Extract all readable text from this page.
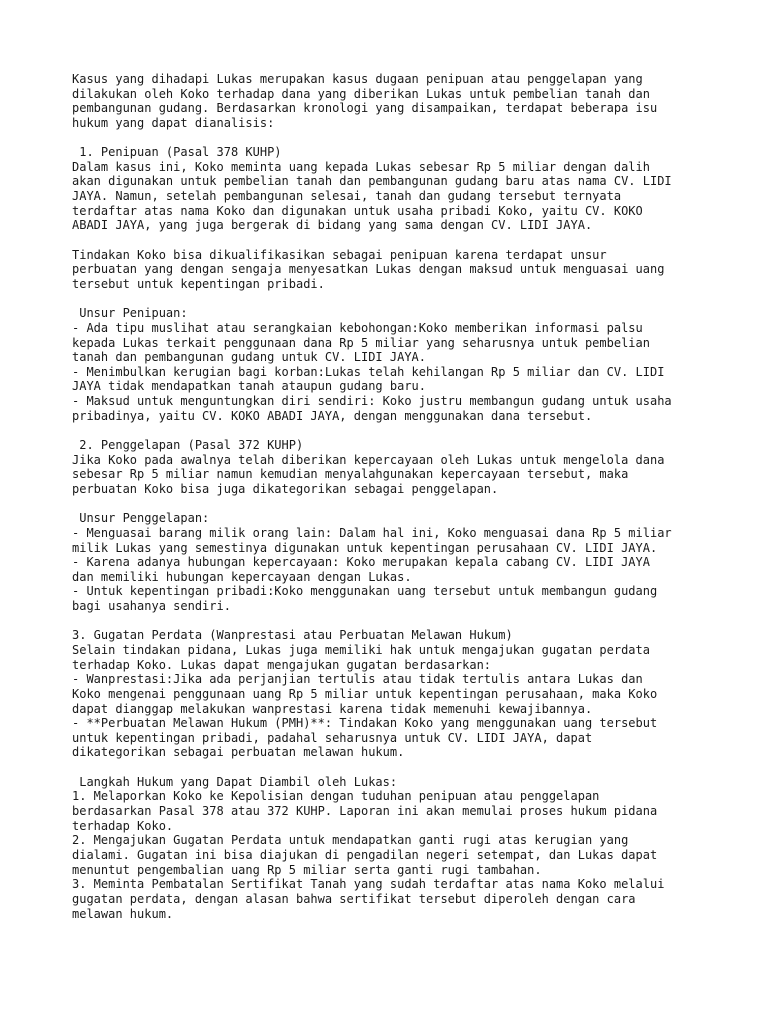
Kasus yang dihadapi Lukas merupakan kasus dugaan penipuan atau penggelapan yang
dilakukan oleh Koko terhadap dana yang diberikan Lukas untuk pembelian tanah dan
pembangunan gudang. Berdasarkan kronologi yang disampaikan, terdapat beberapa isu
hukum yang dapat dianalisis:
1. Penipuan (Pasal 378 KUHP)
Dalam kasus ini, Koko meminta uang kepada Lukas sebesar Rp 5 miliar dengan dalih
akan digunakan untuk pembelian tanah dan pembangunan gudang baru atas nama CV. LIDI
JAYA. Namun, setelah pembangunan selesai, tanah dan gudang tersebut ternyata
terdaftar atas nama Koko dan digunakan untuk usaha pribadi Koko, yaitu CV. KOKO
ABADI JAYA, yang juga bergerak di bidang yang sama dengan CV. LIDI JAYA.
Tindakan Koko bisa dikualifikasikan sebagai penipuan karena terdapat unsur
perbuatan yang dengan sengaja menyesatkan Lukas dengan maksud untuk menguasai uang
tersebut untuk kepentingan pribadi.
Unsur Penipuan:
- Ada tipu muslihat atau serangkaian kebohongan:Koko memberikan informasi palsu
kepada Lukas terkait penggunaan dana Rp 5 miliar yang seharusnya untuk pembelian
tanah dan pembangunan gudang untuk CV. LIDI JAYA.
- Menimbulkan kerugian bagi korban:Lukas telah kehilangan Rp 5 miliar dan CV. LIDI
JAYA tidak mendapatkan tanah ataupun gudang baru.
- Maksud untuk menguntungkan diri sendiri: Koko justru membangun gudang untuk usaha
pribadinya, yaitu CV. KOKO ABADI JAYA, dengan menggunakan dana tersebut.
2. Penggelapan (Pasal 372 KUHP)
Jika Koko pada awalnya telah diberikan kepercayaan oleh Lukas untuk mengelola dana
sebesar Rp 5 miliar namun kemudian menyalahgunakan kepercayaan tersebut, maka
perbuatan Koko bisa juga dikategorikan sebagai penggelapan.
Unsur Penggelapan:
- Menguasai barang milik orang lain: Dalam hal ini, Koko menguasai dana Rp 5 miliar
milik Lukas yang semestinya digunakan untuk kepentingan perusahaan CV. LIDI JAYA.
- Karena adanya hubungan kepercayaan: Koko merupakan kepala cabang CV. LIDI JAYA
dan memiliki hubungan kepercayaan dengan Lukas.
- Untuk kepentingan pribadi:Koko menggunakan uang tersebut untuk membangun gudang
bagi usahanya sendiri.
3. Gugatan Perdata (Wanprestasi atau Perbuatan Melawan Hukum)
Selain tindakan pidana, Lukas juga memiliki hak untuk mengajukan gugatan perdata
terhadap Koko. Lukas dapat mengajukan gugatan berdasarkan:
- Wanprestasi:Jika ada perjanjian tertulis atau tidak tertulis antara Lukas dan
Koko mengenai penggunaan uang Rp 5 miliar untuk kepentingan perusahaan, maka Koko
dapat dianggap melakukan wanprestasi karena tidak memenuhi kewajibannya.
- **Perbuatan Melawan Hukum (PMH)**: Tindakan Koko yang menggunakan uang tersebut
untuk kepentingan pribadi, padahal seharusnya untuk CV. LIDI JAYA, dapat
dikategorikan sebagai perbuatan melawan hukum.
Langkah Hukum yang Dapat Diambil oleh Lukas:
1. Melaporkan Koko ke Kepolisian dengan tuduhan penipuan atau penggelapan
berdasarkan Pasal 378 atau 372 KUHP. Laporan ini akan memulai proses hukum pidana
terhadap Koko.
2. Mengajukan Gugatan Perdata untuk mendapatkan ganti rugi atas kerugian yang
dialami. Gugatan ini bisa diajukan di pengadilan negeri setempat, dan Lukas dapat
menuntut pengembalian uang Rp 5 miliar serta ganti rugi tambahan.
3. Meminta Pembatalan Sertifikat Tanah yang sudah terdaftar atas nama Koko melalui
gugatan perdata, dengan alasan bahwa sertifikat tersebut diperoleh dengan cara
melawan hukum.
